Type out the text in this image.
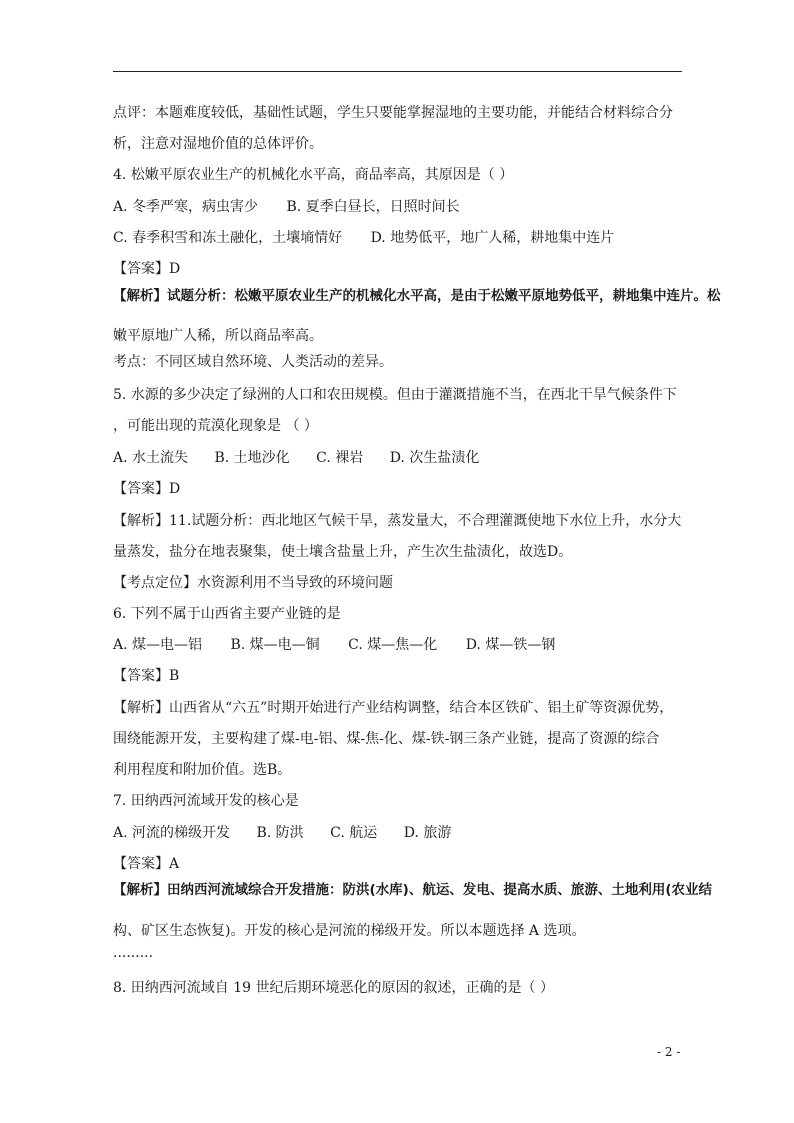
点评：本题难度较低，基础性试题，学生只要能掌握湿地的主要功能，并能结合材料综合分
析，注意对湿地价值的总体评价。
4. 松嫩平原农业生产的机械化水平高，商品率高，其原因是（ ）
A. 冬季严寒，病虫害少 B. 夏季白昼长，日照时间长
C. 春季积雪和冻土融化，土壤墒情好 D. 地势低平，地广人稀，耕地集中连片
【答案】D
【解析】试题分析：松嫩平原农业生产的机械化水平高，是由于松嫩平原地势低平，耕地集中连片。松
嫩平原地广人稀，所以商品率高。
考点：不同区域自然环境、人类活动的差异。
5. 水源的多少决定了绿洲的人口和农田规模。但由于灌溉措施不当，在西北干旱气候条件下
，可能出现的荒漠化现象是 （ ）
A. 水土流失 B. 土地沙化 C. 裸岩 D. 次生盐渍化
【答案】D
【解析】11.试题分析：西北地区气候干旱，蒸发量大，不合理灌溉使地下水位上升，水分大
量蒸发，盐分在地表聚集，使土壤含盐量上升，产生次生盐渍化，故选D。
【考点定位】水资源利用不当导致的环境问题
6. 下列不属于山西省主要产业链的是
A. 煤—电—铝 B. 煤—电—铜 C. 煤—焦—化 D. 煤—铁—钢
【答案】B
【解析】山西省从“六五”时期开始进行产业结构调整，结合本区铁矿、铝土矿等资源优势，
围绕能源开发，主要构建了煤-电-铝、煤-焦-化、煤-铁-钢三条产业链，提高了资源的综合
利用程度和附加价值。选B。
7. 田纳西河流域开发的核心是
A. 河流的梯级开发 B. 防洪 C. 航运 D. 旅游
【答案】A
【解析】田纳西河流域综合开发措施：防洪(水库)、航运、发电、提高水质、旅游、土地利用(农业结
构、矿区生态恢复)。开发的核心是河流的梯级开发。所以本题选择 A 选项。
·········
8. 田纳西河流域自 19 世纪后期环境恶化的原因的叙述，正确的是（ ）
- 2 -
